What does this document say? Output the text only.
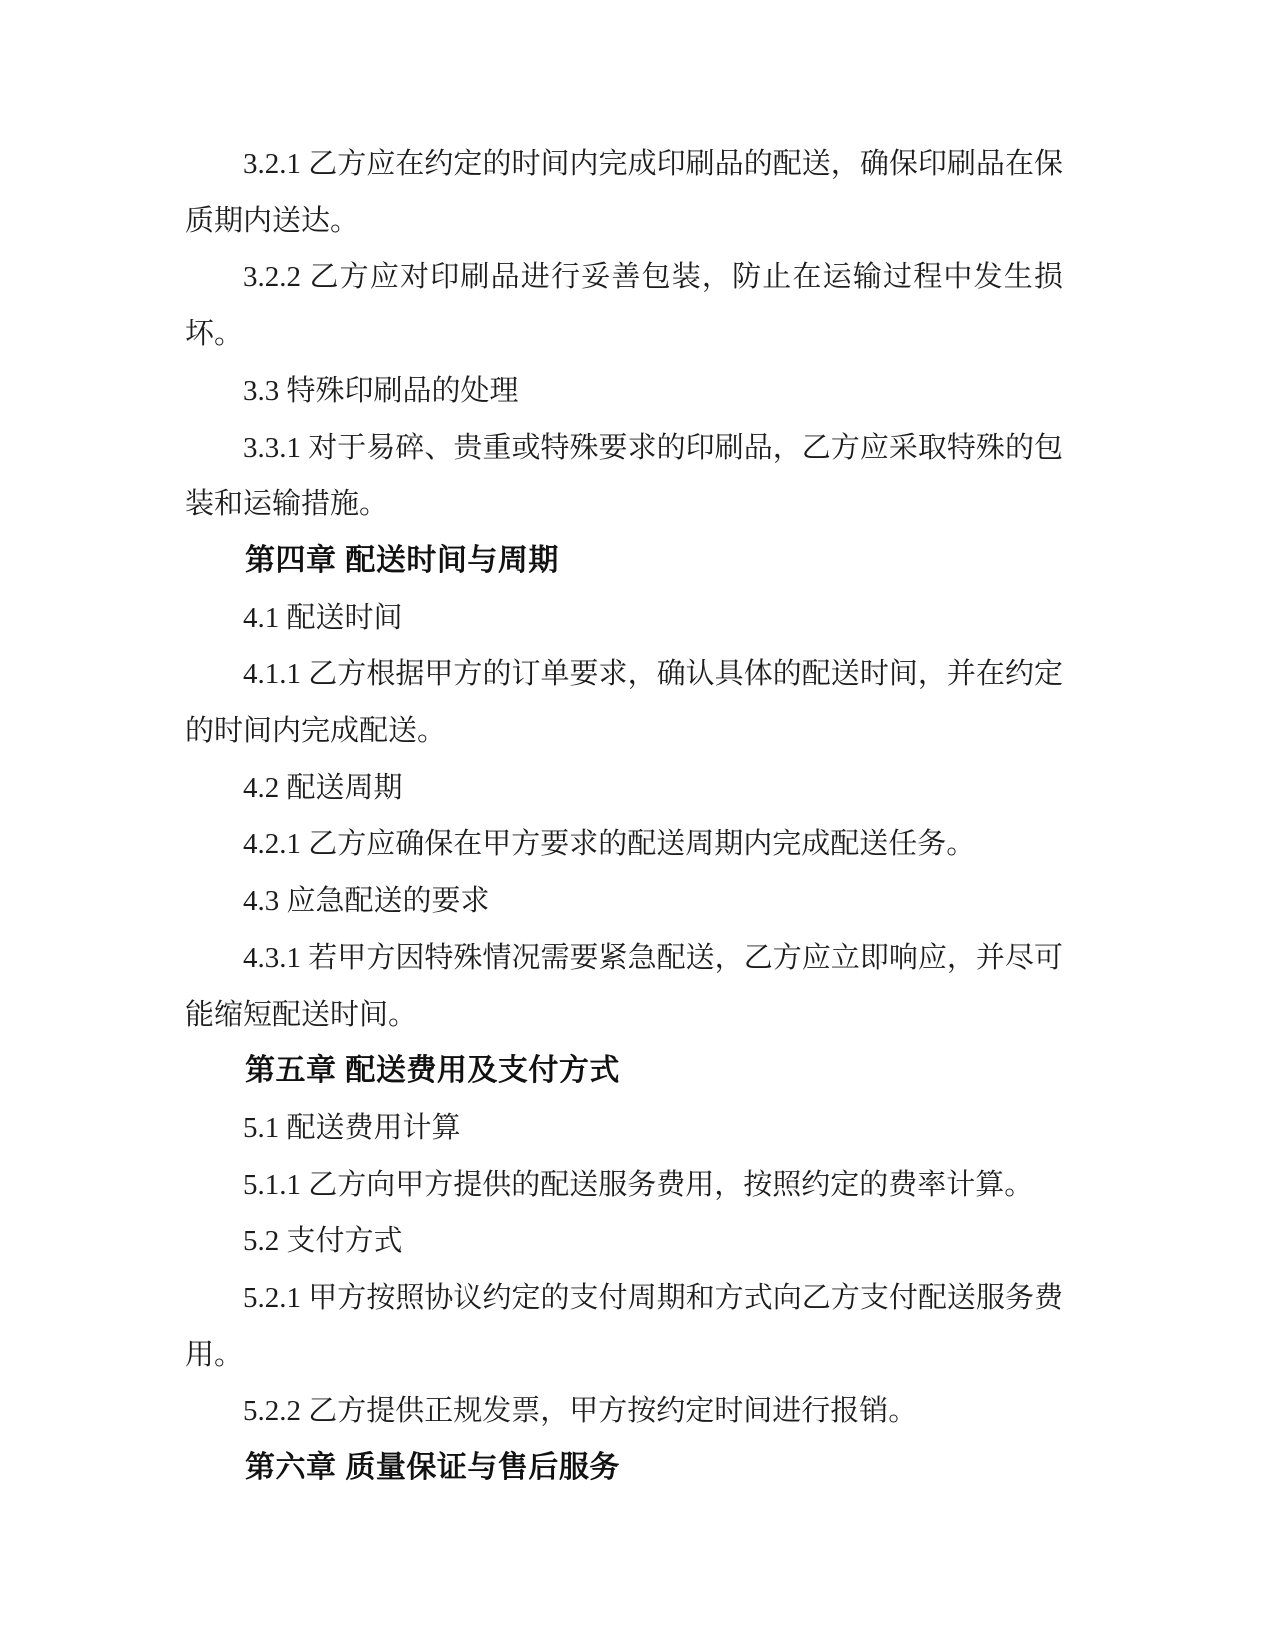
3.2.1 乙方应在约定的时间内完成印刷品的配送，确保印刷品在保质期内送达。

3.2.2 乙方应对印刷品进行妥善包装，防止在运输过程中发生损坏。

3.3 特殊印刷品的处理

3.3.1 对于易碎、贵重或特殊要求的印刷品，乙方应采取特殊的包装和运输措施。

第四章 配送时间与周期

4.1 配送时间

4.1.1 乙方根据甲方的订单要求，确认具体的配送时间，并在约定的时间内完成配送。

4.2 配送周期

4.2.1 乙方应确保在甲方要求的配送周期内完成配送任务。

4.3 应急配送的要求

4.3.1 若甲方因特殊情况需要紧急配送，乙方应立即响应，并尽可能缩短配送时间。

第五章 配送费用及支付方式

5.1 配送费用计算

5.1.1 乙方向甲方提供的配送服务费用，按照约定的费率计算。

5.2 支付方式

5.2.1 甲方按照协议约定的支付周期和方式向乙方支付配送服务费用。

5.2.2 乙方提供正规发票，甲方按约定时间进行报销。

第六章 质量保证与售后服务
